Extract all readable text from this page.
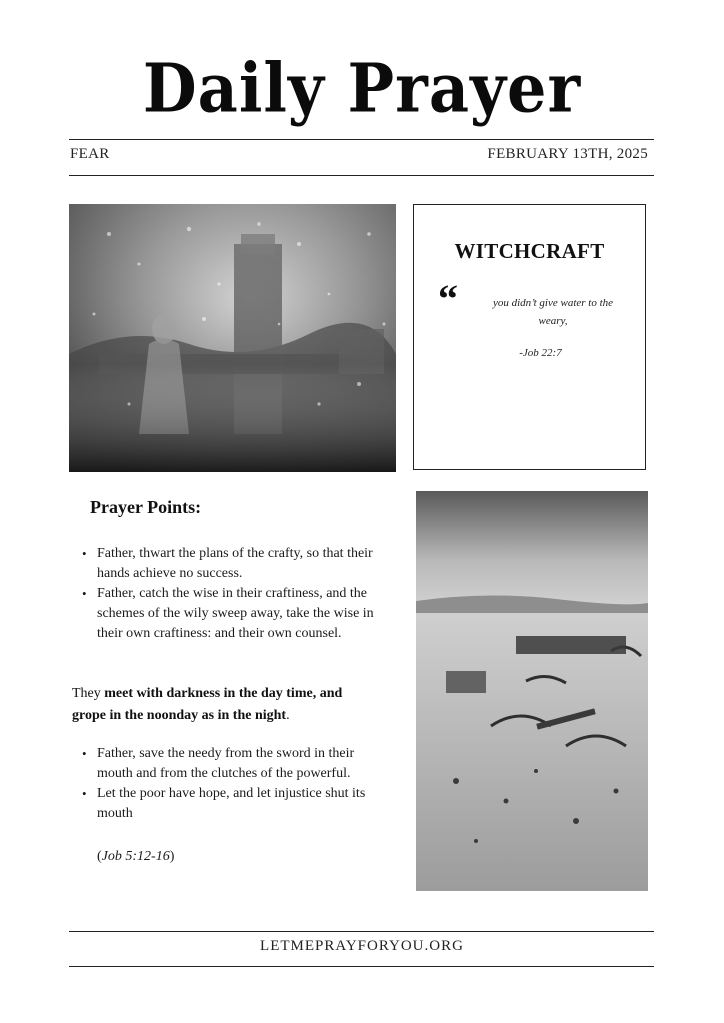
Daily Prayer
FEAR	FEBRUARY 13TH, 2025
WITCHCRAFT
“	you didn’t give water to the weary,
-Job 22:7
Prayer Points:
• Father, thwart the plans of the crafty, so that their hands achieve no success.
• Father, catch the wise in their craftiness, and the schemes of the wily sweep away, take the wise in their own craftiness: and their own counsel.
They meet with darkness in the day time, and grope in the noonday as in the night.
• Father, save the needy from the sword in their mouth and from the clutches of the powerful.
• Let the poor have hope, and let injustice shut its mouth
(Job 5:12-16)
LETMEPRAYFORYOU.ORG
